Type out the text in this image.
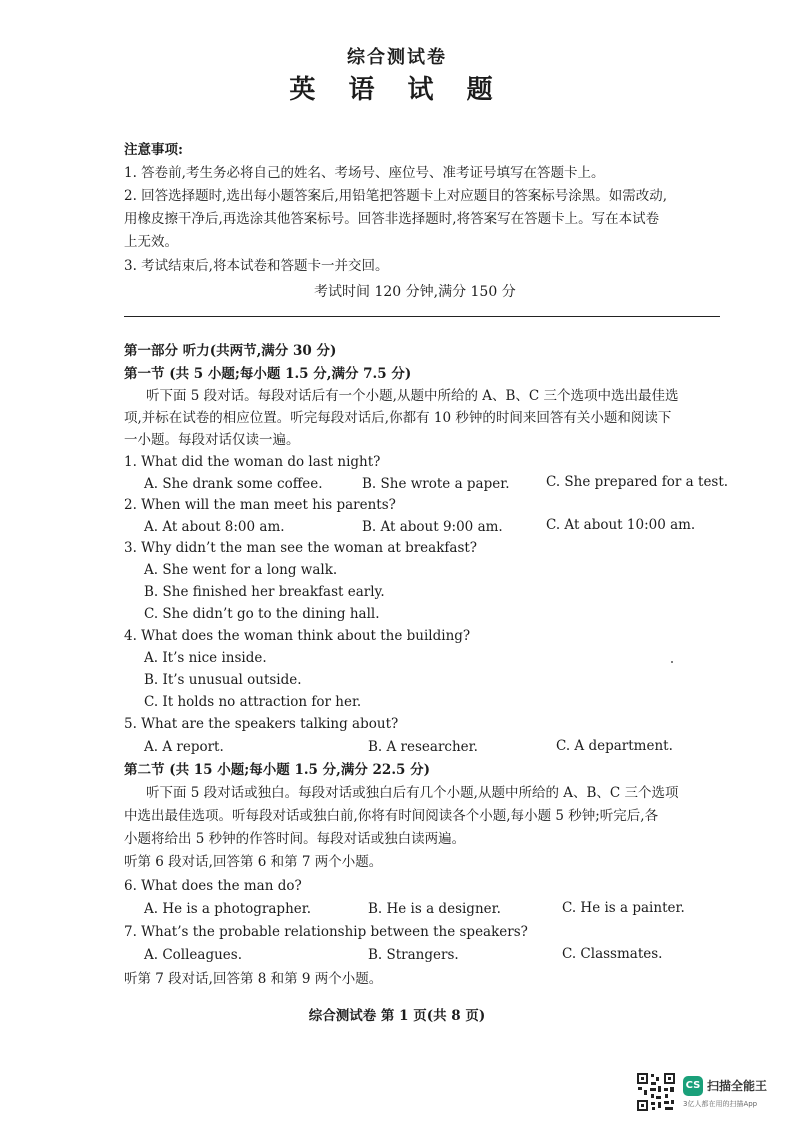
综合测试卷
英 语 试 题
注意事项:
1. 答卷前,考生务必将自己的姓名、考场号、座位号、准考证号填写在答题卡上。
2. 回答选择题时,选出每小题答案后,用铅笔把答题卡上对应题目的答案标号涂黑。如需改动,
用橡皮擦干净后,再选涂其他答案标号。回答非选择题时,将答案写在答题卡上。写在本试卷
上无效。
3. 考试结束后,将本试卷和答题卡一并交回。
考试时间 120 分钟,满分 150 分
第一部分 听力(共两节,满分 30 分)
第一节 (共 5 小题;每小题 1.5 分,满分 7.5 分)
听下面 5 段对话。每段对话后有一个小题,从题中所给的 A、B、C 三个选项中选出最佳选
项,并标在试卷的相应位置。听完每段对话后,你都有 10 秒钟的时间来回答有关小题和阅读下
一小题。每段对话仅读一遍。
1. What did the woman do last night?
A. She drank some coffee.	B. She wrote a paper.	C. She prepared for a test.
2. When will the man meet his parents?
A. At about 8:00 am.	B. At about 9:00 am.	C. At about 10:00 am.
3. Why didn’t the man see the woman at breakfast?
A. She went for a long walk.
B. She finished her breakfast early.
C. She didn’t go to the dining hall.
4. What does the woman think about the building?
A. It’s nice inside.
B. It’s unusual outside.
C. It holds no attraction for her.
5. What are the speakers talking about?
A. A report.	B. A researcher.	C. A department.
第二节 (共 15 小题;每小题 1.5 分,满分 22.5 分)
听下面 5 段对话或独白。每段对话或独白后有几个小题,从题中所给的 A、B、C 三个选项
中选出最佳选项。听每段对话或独白前,你将有时间阅读各个小题,每小题 5 秒钟;听完后,各
小题将给出 5 秒钟的作答时间。每段对话或独白读两遍。
听第 6 段对话,回答第 6 和第 7 两个小题。
6. What does the man do?
A. He is a photographer.	B. He is a designer.	C. He is a painter.
7. What’s the probable relationship between the speakers?
A. Colleagues.	B. Strangers.	C. Classmates.
听第 7 段对话,回答第 8 和第 9 两个小题。
综合测试卷 第 1 页(共 8 页)
CS 扫描全能王
3亿人都在用的扫描App
